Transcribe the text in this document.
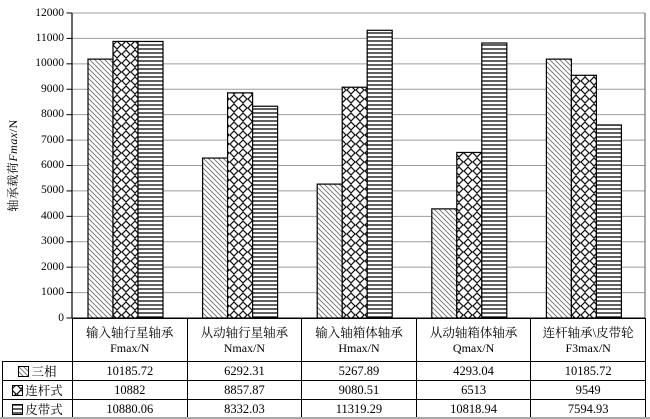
轴承载荷Fmax/N
0
1000
2000
3000
4000
5000
6000
7000
8000
9000
10000
11000
12000

输入轴行星轴承
Fmax/N

从动轴行星轴承
Nmax/N

输入轴箱体轴承
Hmax/N

从动轴箱体轴承
Qmax/N

连杆轴承\皮带轮
F3max/N

三相	10185.72	6292.31	5267.89	4293.04	10185.72
连杆式	10882	8857.87	9080.51	6513	9549
皮带式	10880.06	8332.03	11319.29	10818.94	7594.93
